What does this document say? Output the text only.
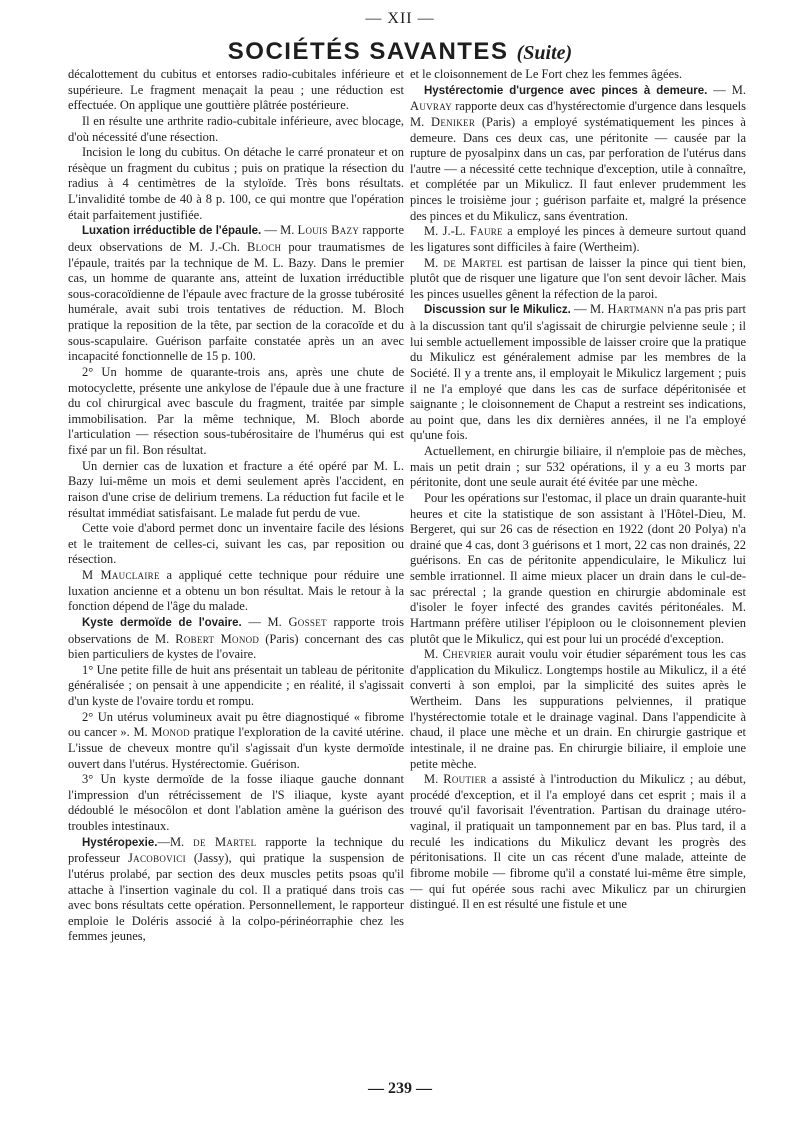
— XII —
SOCIÉTÉS SAVANTES (Suite)

décalottement du cubitus et entorses radio-cubitales inférieure et supérieure. Le fragment menaçait la peau ; une réduction est effectuée. On applique une gouttière plâtrée postérieure.

Il en résulte une arthrite radio-cubitale inférieure, avec blocage, d'où nécessité d'une résection.

Incision le long du cubitus. On détache le carré pronateur et on résèque un fragment du cubitus ; puis on pratique la résection du radius à 4 centimètres de la styloïde. Très bons résultats. L'invalidité tombe de 40 à 8 p. 100, ce qui montre que l'opération était parfaitement justifiée.

Luxation irréductible de l'épaule. — M. Louis Bazy rapporte deux observations de M. J.-Ch. Bloch pour traumatismes de l'épaule, traités par la technique de M. L. Bazy. Dans le premier cas, un homme de quarante ans, atteint de luxation irréductible sous-coracoïdienne de l'épaule avec fracture de la grosse tubérosité humérale, avait subi trois tentatives de réduction. M. Bloch pratique la reposition de la tête, par section de la coracoïde et du sous-scapulaire. Guérison parfaite constatée après un an avec incapacité fonctionnelle de 15 p. 100.

2° Un homme de quarante-trois ans, après une chute de motocyclette, présente une ankylose de l'épaule due à une fracture du col chirurgical avec bascule du fragment, traitée par simple immobilisation. Par la même technique, M. Bloch aborde l'articulation — résection sous-tubérositaire de l'humérus qui est fixé par un fil. Bon résultat.

Un dernier cas de luxation et fracture a été opéré par M. L. Bazy lui-même un mois et demi seulement après l'accident, en raison d'une crise de delirium tremens. La réduction fut facile et le résultat immédiat satisfaisant. Le malade fut perdu de vue.

Cette voie d'abord permet donc un inventaire facile des lésions et le traitement de celles-ci, suivant les cas, par reposition ou résection.

M Mauclaire a appliqué cette technique pour réduire une luxation ancienne et a obtenu un bon résultat. Mais le retour à la fonction dépend de l'âge du malade.

Kyste dermoïde de l'ovaire. — M. Gosset rapporte trois observations de M. Robert Monod (Paris) concernant des cas bien particuliers de kystes de l'ovaire.

1° Une petite fille de huit ans présentait un tableau de péritonite généralisée ; on pensait à une appendicite ; en réalité, il s'agissait d'un kyste de l'ovaire tordu et rompu.

2° Un utérus volumineux avait pu être diagnostiqué « fibrome ou cancer ». M. Monod pratique l'exploration de la cavité utérine. L'issue de cheveux montre qu'il s'agissait d'un kyste dermoïde ouvert dans l'utérus. Hystérectomie. Guérison.

3° Un kyste dermoïde de la fosse iliaque gauche donnant l'impression d'un rétrécissement de l'S iliaque, kyste ayant dédoublé le mésocôlon et dont l'ablation amène la guérison des troubles intestinaux.

Hystéropexie.—M. de Martel rapporte la technique du professeur Jacobovici (Jassy), qui pratique la suspension de l'utérus prolabé, par section des deux muscles petits psoas qu'il attache à l'insertion vaginale du col. Il a pratiqué dans trois cas avec bons résultats cette opération. Personnellement, le rapporteur emploie le Doléris associé à la colpo-périnéorraphie chez les femmes jeunes,

et le cloisonnement de Le Fort chez les femmes âgées.

Hystérectomie d'urgence avec pinces à demeure. — M. Auvray rapporte deux cas d'hystérectomie d'urgence dans lesquels M. Deniker (Paris) a employé systématiquement les pinces à demeure. Dans ces deux cas, une péritonite — causée par la rupture de pyosalpinx dans un cas, par perforation de l'utérus dans l'autre — a nécessité cette technique d'exception, utile à connaître, et complétée par un Mikulicz. Il faut enlever prudemment les pinces le troisième jour ; guérison parfaite et, malgré la présence des pinces et du Mikulicz, sans éventration.

M. J.-L. Faure a employé les pinces à demeure surtout quand les ligatures sont difficiles à faire (Wertheim).

M. de Martel est partisan de laisser la pince qui tient bien, plutôt que de risquer une ligature que l'on sent devoir lâcher. Mais les pinces usuelles gênent la réfection de la paroi.

Discussion sur le Mikulicz. — M. Hartmann n'a pas pris part à la discussion tant qu'il s'agissait de chirurgie pelvienne seule ; il lui semble actuellement impossible de laisser croire que la pratique du Mikulicz est généralement admise par les membres de la Société. Il y a trente ans, il employait le Mikulicz largement ; puis il ne l'a employé que dans les cas de surface dépéritonisée et saignante ; le cloisonnement de Chaput a restreint ses indications, au point que, dans les dix dernières années, il ne l'a employé qu'une fois.

Actuellement, en chirurgie biliaire, il n'emploie pas de mèches, mais un petit drain ; sur 532 opérations, il y a eu 3 morts par péritonite, dont une seule aurait été évitée par une mèche.

Pour les opérations sur l'estomac, il place un drain quarante-huit heures et cite la statistique de son assistant à l'Hôtel-Dieu, M. Bergeret, qui sur 26 cas de résection en 1922 (dont 20 Polya) n'a drainé que 4 cas, dont 3 guérisons et 1 mort, 22 cas non drainés, 22 guérisons. En cas de péritonite appendiculaire, le Mikulicz lui semble irrationnel. Il aime mieux placer un drain dans le cul-de-sac prérectal ; la grande question en chirurgie abdominale est d'isoler le foyer infecté des grandes cavités péritonéales. M. Hartmann préfère utiliser l'épiploon ou le cloisonnement plevien plutôt que le Mikulicz, qui est pour lui un procédé d'exception.

M. Chevrier aurait voulu voir étudier séparément tous les cas d'application du Mikulicz. Longtemps hostile au Mikulicz, il a été converti à son emploi, par la simplicité des suites après le Wertheim. Dans les suppurations pelviennes, il pratique l'hystérectomie totale et le drainage vaginal. Dans l'appendicite à chaud, il place une mèche et un drain. En chirurgie gastrique et intestinale, il ne draine pas. En chirurgie biliaire, il emploie une petite mèche.

M. Routier a assisté à l'introduction du Mikulicz ; au début, procédé d'exception, et il l'a employé dans cet esprit ; mais il a trouvé qu'il favorisait l'éventration. Partisan du drainage utéro-vaginal, il pratiquait un tamponnement par en bas. Plus tard, il a reculé les indications du Mikulicz devant les progrès des péritonisations. Il cite un cas récent d'une malade, atteinte de fibrome mobile — fibrome qu'il a constaté lui-même être simple, — qui fut opérée sous rachi avec Mikulicz par un chirurgien distingué. Il en est résulté une fistule et une

— 239 —
